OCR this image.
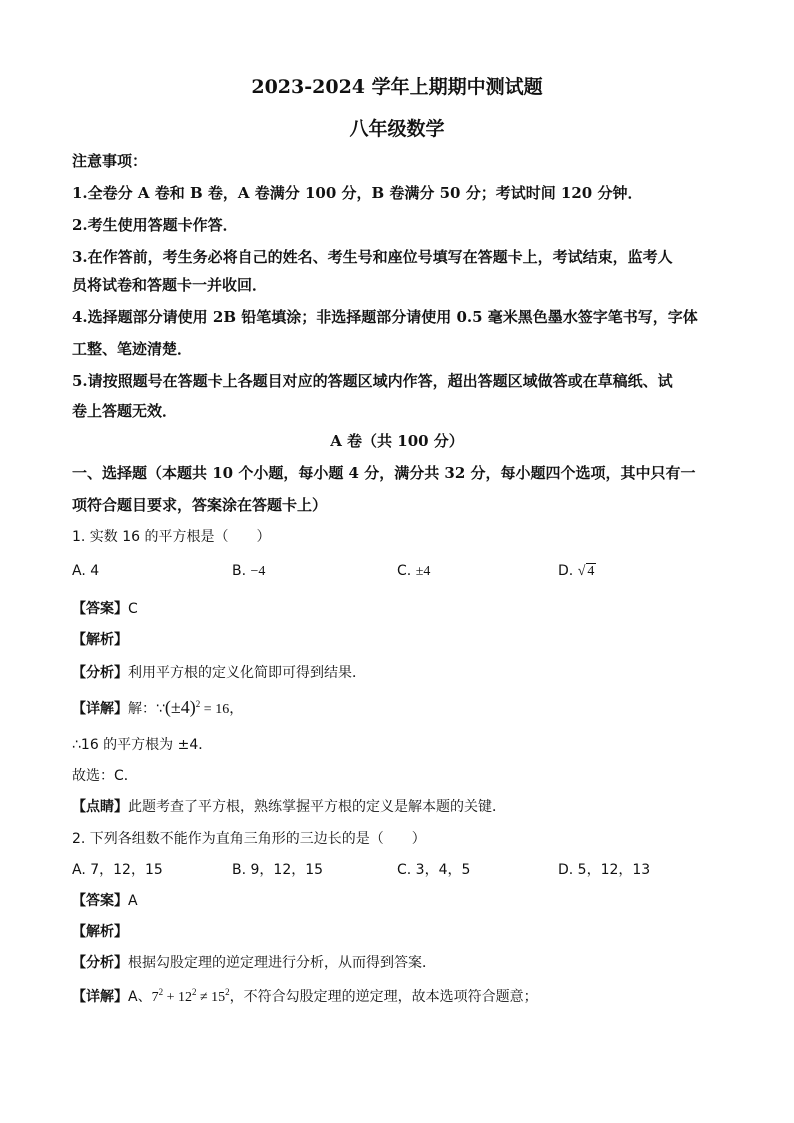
2023-2024 学年上期期中测试题
八年级数学
注意事项：
1.全卷分 A 卷和 B 卷，A 卷满分 100 分，B 卷满分 50 分；考试时间 120 分钟．
2.考生使用答题卡作答．
3.在作答前，考生务必将自己的姓名、考生号和座位号填写在答题卡上，考试结束，监考人
员将试卷和答题卡一并收回．
4.选择题部分请使用 2B 铅笔填涂；非选择题部分请使用 0.5 毫米黑色墨水签字笔书写，字体
工整、笔迹清楚．
5.请按照题号在答题卡上各题目对应的答题区域内作答，超出答题区域做答或在草稿纸、试
卷上答题无效．
A 卷（共 100 分）
一、选择题（本题共 10 个小题，每小题 4 分，满分共 32 分，每小题四个选项，其中只有一
项符合题目要求，答案涂在答题卡上）
1. 实数 16 的平方根是（　　）
A. 4	B. −4	C. ±4	D. √ 4
【答案】C
【解析】
【分析】利用平方根的定义化简即可得到结果．
【详解】解：$\because(\pm 4)^2 = 16$，
∴16 的平方根为 ±4．
故选：C．
【点睛】此题考查了平方根，熟练掌握平方根的定义是解本题的关键．
2. 下列各组数不能作为直角三角形的三边长的是（　　）
A. 7，12，15	B. 9，12，15	C. 3，4，5	D. 5，12，13
【答案】A
【解析】
【分析】根据勾股定理的逆定理进行分析，从而得到答案．
【详解】A、$7^2 + 12^2 \ne 15^2$，不符合勾股定理的逆定理，故本选项符合题意；
